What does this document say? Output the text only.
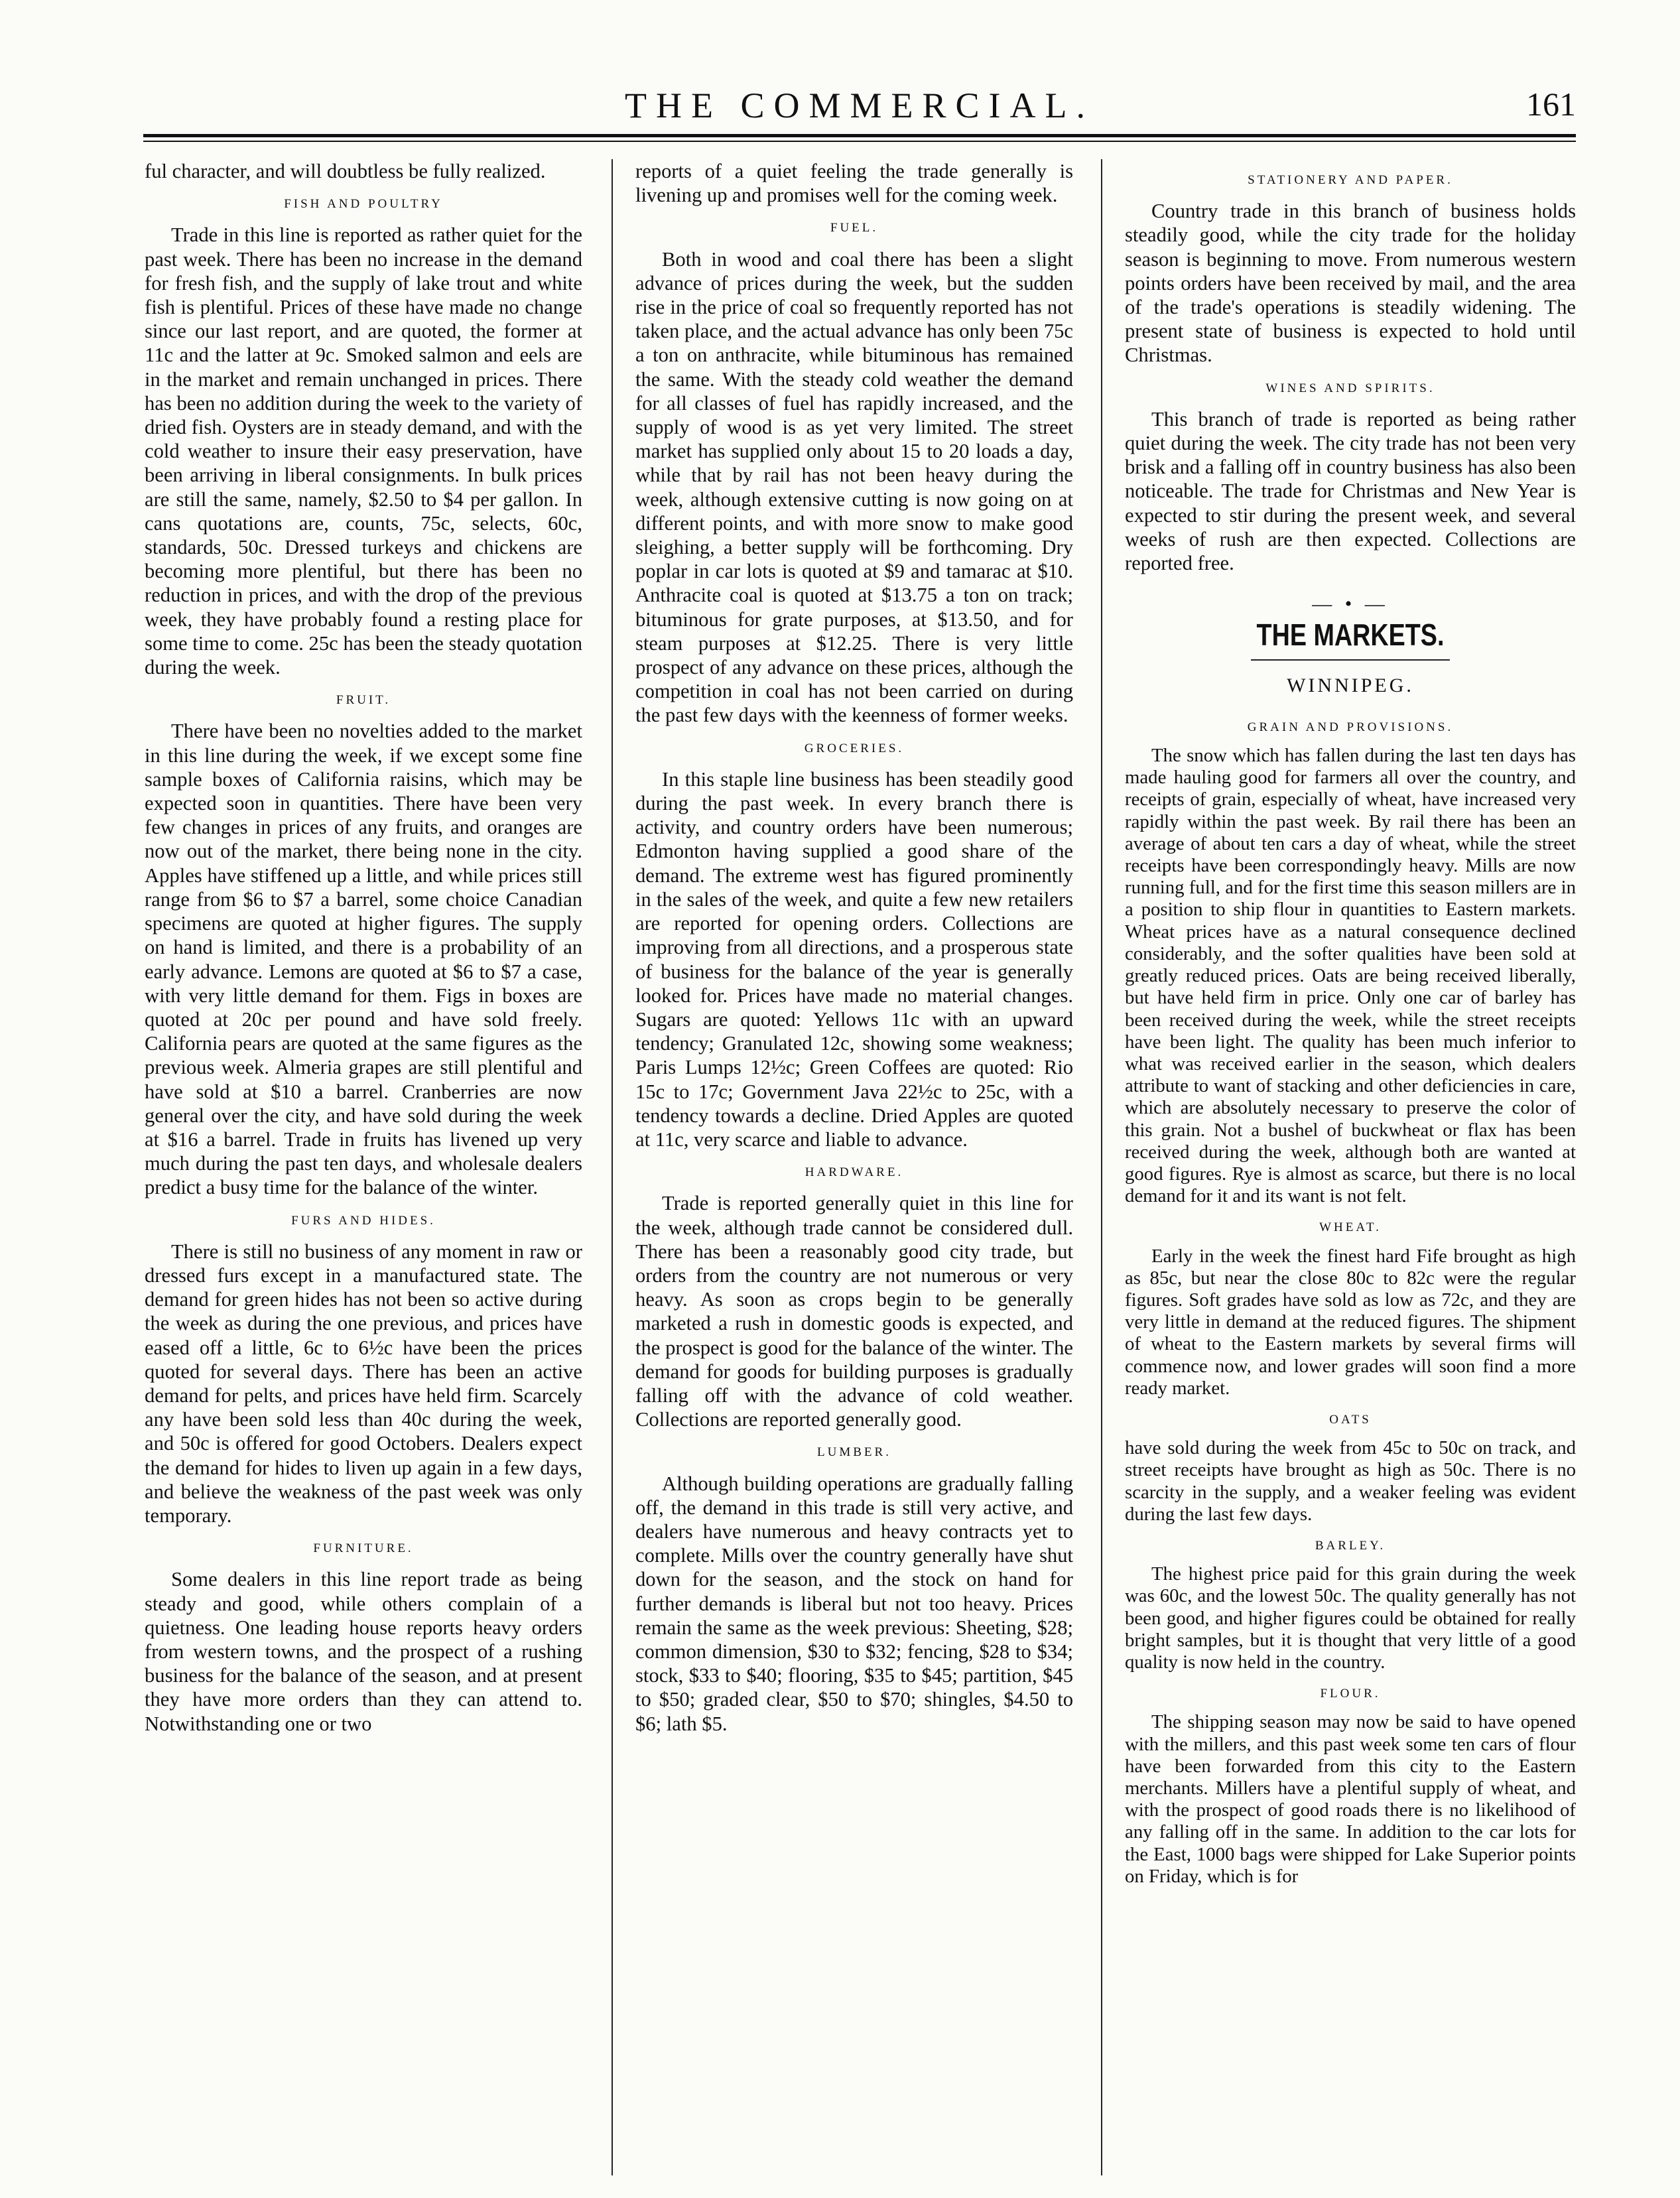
THE COMMERCIAL.	161

ful character, and will doubtless be fully realized.

FISH AND POULTRY

Trade in this line is reported as rather quiet for the past week. There has been no increase in the demand for fresh fish, and the supply of lake trout and white fish is plentiful. Prices of these have made no change since our last report, and are quoted, the former at 11c and the latter at 9c. Smoked salmon and eels are in the market and remain unchanged in prices. There has been no addition during the week to the variety of dried fish. Oysters are in steady demand, and with the cold weather to insure their easy preservation, have been arriving in liberal consignments. In bulk prices are still the same, namely, $2.50 to $4 per gallon. In cans quotations are, counts, 75c, selects, 60c, standards, 50c. Dressed turkeys and chickens are becoming more plentiful, but there has been no reduction in prices, and with the drop of the previous week, they have probably found a resting place for some time to come. 25c has been the steady quotation during the week.

FRUIT.

There have been no novelties added to the market in this line during the week, if we except some fine sample boxes of California raisins, which may be expected soon in quantities. There have been very few changes in prices of any fruits, and oranges are now out of the market, there being none in the city. Apples have stiffened up a little, and while prices still range from $6 to $7 a barrel, some choice Canadian specimens are quoted at higher figures. The supply on hand is limited, and there is a probability of an early advance. Lemons are quoted at $6 to $7 a case, with very little demand for them. Figs in boxes are quoted at 20c per pound and have sold freely. California pears are quoted at the same figures as the previous week. Almeria grapes are still plentiful and have sold at $10 a barrel. Cranberries are now general over the city, and have sold during the week at $16 a barrel. Trade in fruits has livened up very much during the past ten days, and wholesale dealers predict a busy time for the balance of the winter.

FURS AND HIDES.

There is still no business of any moment in raw or dressed furs except in a manufactured state. The demand for green hides has not been so active during the week as during the one previous, and prices have eased off a little, 6c to 6½c have been the prices quoted for several days. There has been an active demand for pelts, and prices have held firm. Scarcely any have been sold less than 40c during the week, and 50c is offered for good Octobers. Dealers expect the demand for hides to liven up again in a few days, and believe the weakness of the past week was only temporary.

FURNITURE.

Some dealers in this line report trade as being steady and good, while others complain of a quietness. One leading house reports heavy orders from western towns, and the prospect of a rushing business for the balance of the season, and at present they have more orders than they can attend to. Notwithstanding one or two

reports of a quiet feeling the trade generally is livening up and promises well for the coming week.

FUEL.

Both in wood and coal there has been a slight advance of prices during the week, but the sudden rise in the price of coal so frequently reported has not taken place, and the actual advance has only been 75c a ton on anthracite, while bituminous has remained the same. With the steady cold weather the demand for all classes of fuel has rapidly increased, and the supply of wood is as yet very limited. The street market has supplied only about 15 to 20 loads a day, while that by rail has not been heavy during the week, although extensive cutting is now going on at different points, and with more snow to make good sleighing, a better supply will be forthcoming. Dry poplar in car lots is quoted at $9 and tamarac at $10. Anthracite coal is quoted at $13.75 a ton on track; bituminous for grate purposes, at $13.50, and for steam purposes at $12.25. There is very little prospect of any advance on these prices, although the competition in coal has not been carried on during the past few days with the keenness of former weeks.

GROCERIES.

In this staple line business has been steadily good during the past week. In every branch there is activity, and country orders have been numerous; Edmonton having supplied a good share of the demand. The extreme west has figured prominently in the sales of the week, and quite a few new retailers are reported for opening orders. Collections are improving from all directions, and a prosperous state of business for the balance of the year is generally looked for. Prices have made no material changes. Sugars are quoted: Yellows 11c with an upward tendency; Granulated 12c, showing some weakness; Paris Lumps 12½c; Green Coffees are quoted: Rio 15c to 17c; Government Java 22½c to 25c, with a tendency towards a decline. Dried Apples are quoted at 11c, very scarce and liable to advance.

HARDWARE.

Trade is reported generally quiet in this line for the week, although trade cannot be considered dull. There has been a reasonably good city trade, but orders from the country are not numerous or very heavy. As soon as crops begin to be generally marketed a rush in domestic goods is expected, and the prospect is good for the balance of the winter. The demand for goods for building purposes is gradually falling off with the advance of cold weather. Collections are reported generally good.

LUMBER.

Although building operations are gradually falling off, the demand in this trade is still very active, and dealers have numerous and heavy contracts yet to complete. Mills over the country generally have shut down for the season, and the stock on hand for further demands is liberal but not too heavy. Prices remain the same as the week previous: Sheeting, $28; common dimension, $30 to $32; fencing, $28 to $34; stock, $33 to $40; flooring, $35 to $45; partition, $45 to $50; graded clear, $50 to $70; shingles, $4.50 to $6; lath $5.

STATIONERY AND PAPER.

Country trade in this branch of business holds steadily good, while the city trade for the holiday season is beginning to move. From numerous western points orders have been received by mail, and the area of the trade's operations is steadily widening. The present state of business is expected to hold until Christmas.

WINES AND SPIRITS.

This branch of trade is reported as being rather quiet during the week. The city trade has not been very brisk and a falling off in country business has also been noticeable. The trade for Christmas and New Year is expected to stir during the present week, and several weeks of rush are then expected. Collections are reported free.

— • —
THE MARKETS.
WINNIPEG.
GRAIN AND PROVISIONS.

The snow which has fallen during the last ten days has made hauling good for farmers all over the country, and receipts of grain, especially of wheat, have increased very rapidly within the past week. By rail there has been an average of about ten cars a day of wheat, while the street receipts have been correspondingly heavy. Mills are now running full, and for the first time this season millers are in a position to ship flour in quantities to Eastern markets. Wheat prices have as a natural consequence declined considerably, and the softer qualities have been sold at greatly reduced prices. Oats are being received liberally, but have held firm in price. Only one car of barley has been received during the week, while the street receipts have been light. The quality has been much inferior to what was received earlier in the season, which dealers attribute to want of stacking and other deficiencies in care, which are absolutely necessary to preserve the color of this grain. Not a bushel of buckwheat or flax has been received during the week, although both are wanted at good figures. Rye is almost as scarce, but there is no local demand for it and its want is not felt.

WHEAT.

Early in the week the finest hard Fife brought as high as 85c, but near the close 80c to 82c were the regular figures. Soft grades have sold as low as 72c, and they are very little in demand at the reduced figures. The shipment of wheat to the Eastern markets by several firms will commence now, and lower grades will soon find a more ready market.

OATS

have sold during the week from 45c to 50c on track, and street receipts have brought as high as 50c. There is no scarcity in the supply, and a weaker feeling was evident during the last few days.

BARLEY.

The highest price paid for this grain during the week was 60c, and the lowest 50c. The quality generally has not been good, and higher figures could be obtained for really bright samples, but it is thought that very little of a good quality is now held in the country.

FLOUR.

The shipping season may now be said to have opened with the millers, and this past week some ten cars of flour have been forwarded from this city to the Eastern merchants. Millers have a plentiful supply of wheat, and with the prospect of good roads there is no likelihood of any falling off in the same. In addition to the car lots for the East, 1000 bags were shipped for Lake Superior points on Friday, which is for
